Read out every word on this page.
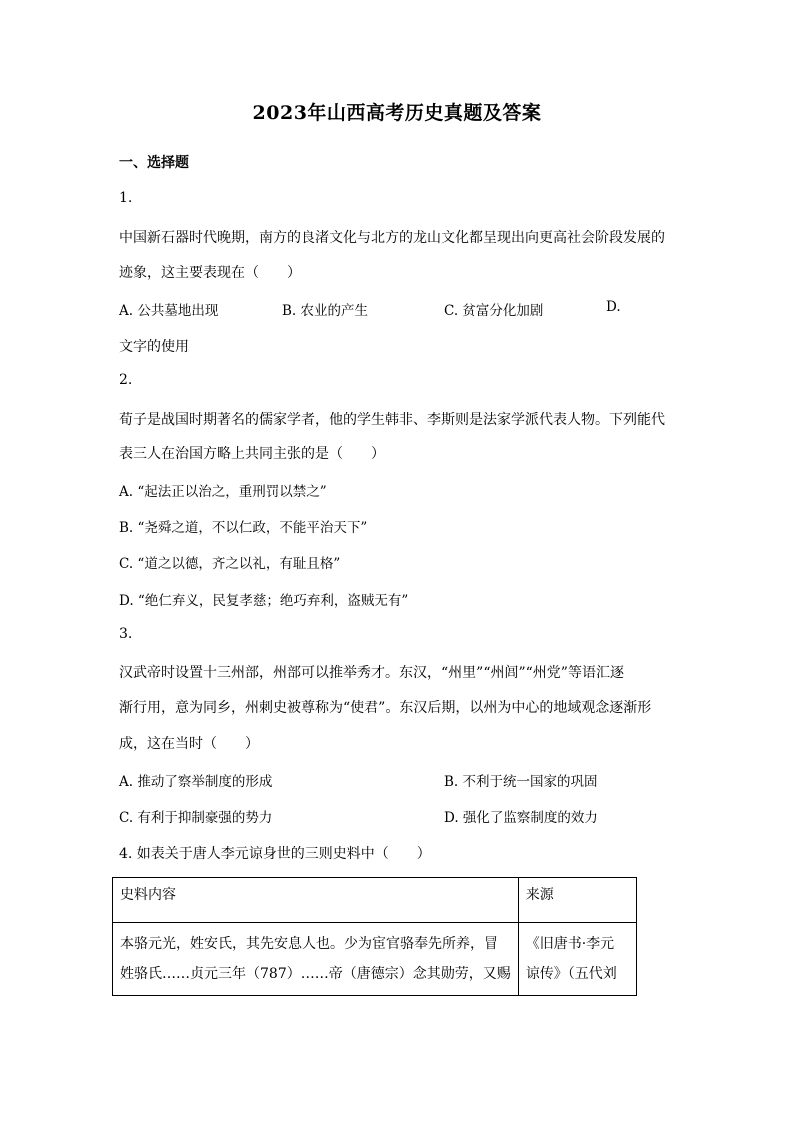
2023年山西高考历史真题及答案
一、选择题
1.
中国新石器时代晚期，南方的良渚文化与北方的龙山文化都呈现出向更高社会阶段发展的
迹象，这主要表现在（　　）
A. 公共墓地出现	B. 农业的产生	C. 贫富分化加剧	D.
文字的使用
2.
荀子是战国时期著名的儒家学者，他的学生韩非、李斯则是法家学派代表人物。下列能代
表三人在治国方略上共同主张的是（　　）
A. “起法正以治之，重刑罚以禁之”
B. “尧舜之道，不以仁政，不能平治天下”
C. “道之以德，齐之以礼，有耻且格”
D. “绝仁弃义，民复孝慈；绝巧弃利，盗贼无有”
3.
汉武帝时设置十三州部，州部可以推举秀才。东汉，“州里”“州闾”“州党”等语汇逐
渐行用，意为同乡，州刺史被尊称为“使君”。东汉后期，以州为中心的地域观念逐渐形
成，这在当时（　　）
A. 推动了察举制度的形成	B. 不利于统一国家的巩固
C. 有利于抑制豪强的势力	D. 强化了监察制度的效力
4. 如表关于唐人李元谅身世的三则史料中（　　）
史料内容	来源

本骆元光，姓安氏，其先安息人也。少为宦官骆奉先所养，冒
姓骆氏……贞元三年（787）……帝（唐德宗）念其勋劳，又赐	《旧唐书·李元
谅传》（五代刘
